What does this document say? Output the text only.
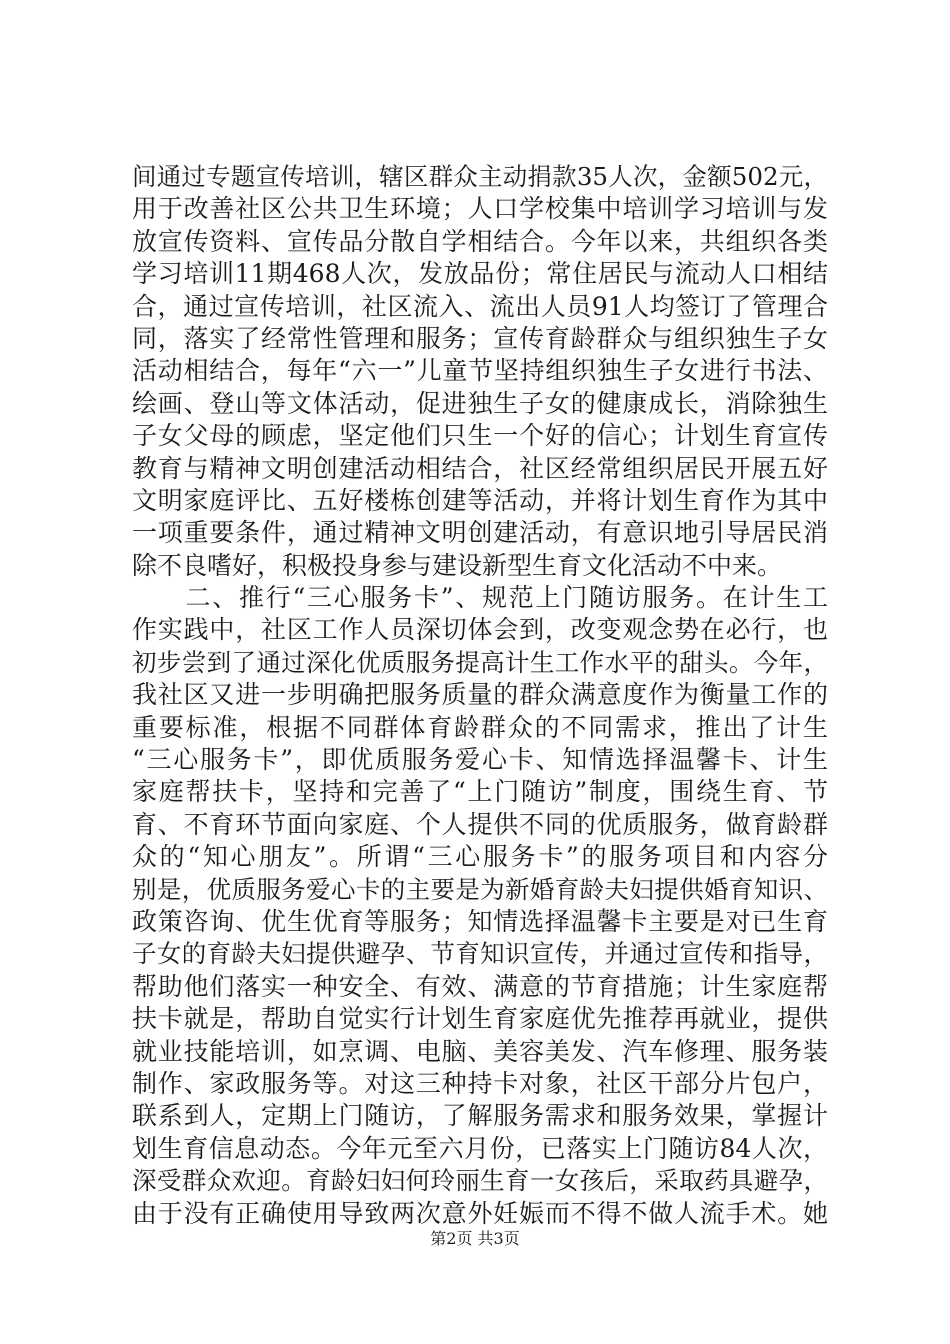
间通过专题宣传培训，辖区群众主动捐款35人次，金额502元，
用于改善社区公共卫生环境；人口学校集中培训学习培训与发
放宣传资料、宣传品分散自学相结合。今年以来，共组织各类
学习培训11期468人次，发放品份；常住居民与流动人口相结
合，通过宣传培训，社区流入、流出人员91人均签订了管理合
同，落实了经常性管理和服务；宣传育龄群众与组织独生子女
活动相结合，每年“六一”儿童节坚持组织独生子女进行书法、
绘画、登山等文体活动，促进独生子女的健康成长，消除独生
子女父母的顾虑，坚定他们只生一个好的信心；计划生育宣传
教育与精神文明创建活动相结合，社区经常组织居民开展五好
文明家庭评比、五好楼栋创建等活动，并将计划生育作为其中
一项重要条件，通过精神文明创建活动，有意识地引导居民消
除不良嗜好，积极投身参与建设新型生育文化活动不中来。
　　二、推行“三心服务卡”、规范上门随访服务。在计生工
作实践中，社区工作人员深切体会到，改变观念势在必行，也
初步尝到了通过深化优质服务提高计生工作水平的甜头。今年，
我社区又进一步明确把服务质量的群众满意度作为衡量工作的
重要标准，根据不同群体育龄群众的不同需求，推出了计生
“三心服务卡”，即优质服务爱心卡、知情选择温馨卡、计生
家庭帮扶卡，坚持和完善了“上门随访”制度，围绕生育、节
育、不育环节面向家庭、个人提供不同的优质服务，做育龄群
众的“知心朋友”。所谓“三心服务卡”的服务项目和内容分
别是，优质服务爱心卡的主要是为新婚育龄夫妇提供婚育知识、
政策咨询、优生优育等服务；知情选择温馨卡主要是对已生育
子女的育龄夫妇提供避孕、节育知识宣传，并通过宣传和指导，
帮助他们落实一种安全、有效、满意的节育措施；计生家庭帮
扶卡就是，帮助自觉实行计划生育家庭优先推荐再就业，提供
就业技能培训，如烹调、电脑、美容美发、汽车修理、服务装
制作、家政服务等。对这三种持卡对象，社区干部分片包户，
联系到人，定期上门随访，了解服务需求和服务效果，掌握计
划生育信息动态。今年元至六月份，已落实上门随访84人次，
深受群众欢迎。育龄妇妇何玲丽生育一女孩后，采取药具避孕，
由于没有正确使用导致两次意外妊娠而不得不做人流手术。她
第2页 共3页
